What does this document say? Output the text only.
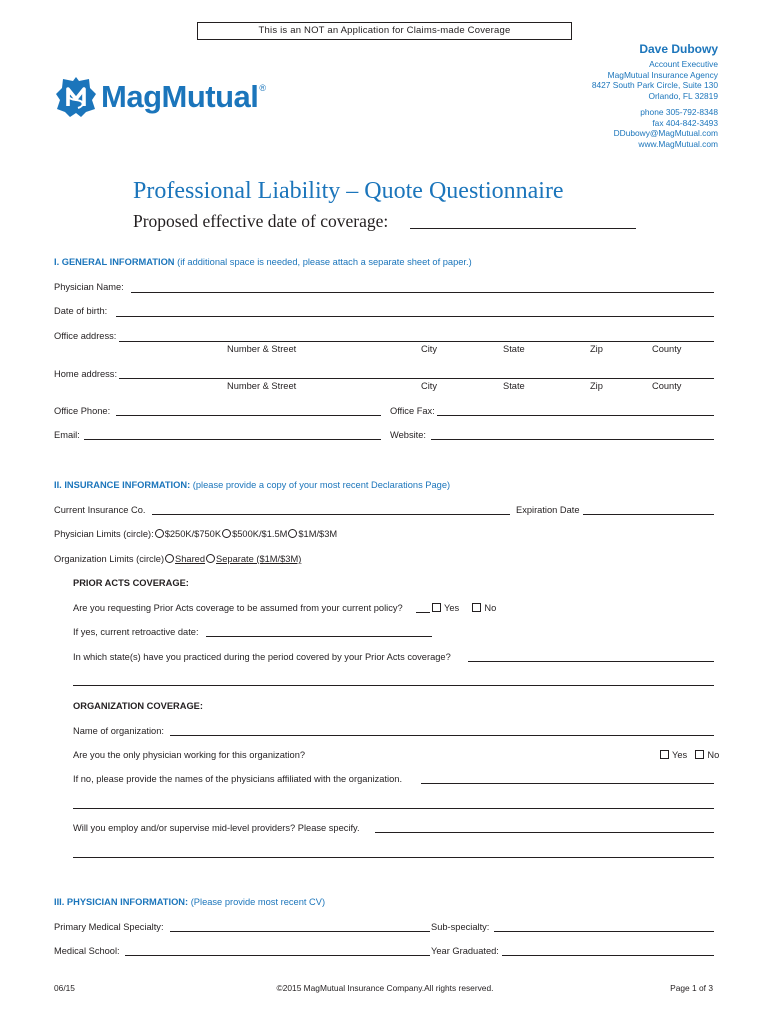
This is an NOT an Application for Claims-made Coverage
MagMutual ®
Dave Dubowy
Account Executive
MagMutual Insurance Agency
8427 South Park Circle, Suite 130
Orlando, FL 32819
phone 305-792-8348
fax 404-842-3493
DDubowy@MagMutual.com
www.MagMutual.com
Professional Liability – Quote Questionnaire
Proposed effective date of coverage:
I. GENERAL INFORMATION (if additional space is needed, please attach a separate sheet of paper.)
Physician Name:
Date of birth:
Office address:
Number & Street	City	State	Zip	County
Home address:
Number & Street	City	State	Zip	County
Office Phone:	Office Fax:
Email:	Website:
II. INSURANCE INFORMATION: (please provide a copy of your most recent Declarations Page)
Current Insurance Co.	Expiration Date
Physician Limits (circle): $250K/$750K $500K/$1.5M $1M/$3M
Organization Limits (circle) Shared Separate ($1M/$3M)
PRIOR ACTS COVERAGE:
Are you requesting Prior Acts coverage to be assumed from your current policy?	Yes	No
If yes, current retroactive date:
In which state(s) have you practiced during the period covered by your Prior Acts coverage?
ORGANIZATION COVERAGE:
Name of organization:
Are you the only physician working for this organization?	Yes No
If no, please provide the names of the physicians affiliated with the organization.
Will you employ and/or supervise mid-level providers? Please specify.
III. PHYSICIAN INFORMATION: (Please provide most recent CV)
Primary Medical Specialty:	Sub-specialty:
Medical School:	Year Graduated:
06/15	©2015 MagMutual Insurance Company.All rights reserved.	Page 1 of 3
